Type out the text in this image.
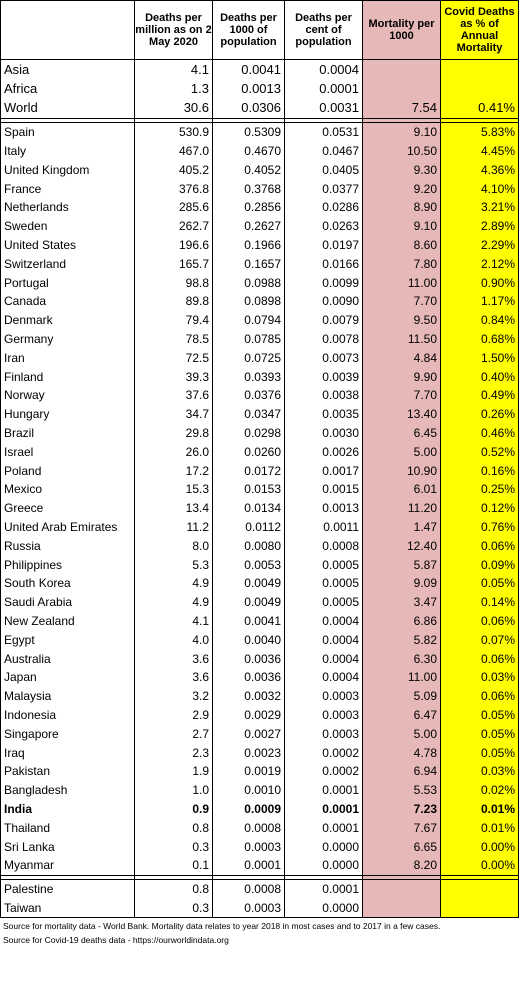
	Deaths per million as on 2 May 2020	Deaths per 1000 of population	Deaths per cent of population	Mortality per 1000	Covid Deaths as % of Annual Mortality
Asia	4.1	0.0041	0.0004		
Africa	1.3	0.0013	0.0001		
World	30.6	0.0306	0.0031	7.54	0.41%

Spain	530.9	0.5309	0.0531	9.10	5.83%
Italy	467.0	0.4670	0.0467	10.50	4.45%
United Kingdom	405.2	0.4052	0.0405	9.30	4.36%
France	376.8	0.3768	0.0377	9.20	4.10%
Netherlands	285.6	0.2856	0.0286	8.90	3.21%
Sweden	262.7	0.2627	0.0263	9.10	2.89%
United States	196.6	0.1966	0.0197	8.60	2.29%
Switzerland	165.7	0.1657	0.0166	7.80	2.12%
Portugal	98.8	0.0988	0.0099	11.00	0.90%
Canada	89.8	0.0898	0.0090	7.70	1.17%
Denmark	79.4	0.0794	0.0079	9.50	0.84%
Germany	78.5	0.0785	0.0078	11.50	0.68%
Iran	72.5	0.0725	0.0073	4.84	1.50%
Finland	39.3	0.0393	0.0039	9.90	0.40%
Norway	37.6	0.0376	0.0038	7.70	0.49%
Hungary	34.7	0.0347	0.0035	13.40	0.26%
Brazil	29.8	0.0298	0.0030	6.45	0.46%
Israel	26.0	0.0260	0.0026	5.00	0.52%
Poland	17.2	0.0172	0.0017	10.90	0.16%
Mexico	15.3	0.0153	0.0015	6.01	0.25%
Greece	13.4	0.0134	0.0013	11.20	0.12%
United Arab Emirates	11.2	0.0112	0.0011	1.47	0.76%
Russia	8.0	0.0080	0.0008	12.40	0.06%
Philippines	5.3	0.0053	0.0005	5.87	0.09%
South Korea	4.9	0.0049	0.0005	9.09	0.05%
Saudi Arabia	4.9	0.0049	0.0005	3.47	0.14%
New Zealand	4.1	0.0041	0.0004	6.86	0.06%
Egypt	4.0	0.0040	0.0004	5.82	0.07%
Australia	3.6	0.0036	0.0004	6.30	0.06%
Japan	3.6	0.0036	0.0004	11.00	0.03%
Malaysia	3.2	0.0032	0.0003	5.09	0.06%
Indonesia	2.9	0.0029	0.0003	6.47	0.05%
Singapore	2.7	0.0027	0.0003	5.00	0.05%
Iraq	2.3	0.0023	0.0002	4.78	0.05%
Pakistan	1.9	0.0019	0.0002	6.94	0.03%
Bangladesh	1.0	0.0010	0.0001	5.53	0.02%
India	0.9	0.0009	0.0001	7.23	0.01%
Thailand	0.8	0.0008	0.0001	7.67	0.01%
Sri Lanka	0.3	0.0003	0.0000	6.65	0.00%
Myanmar	0.1	0.0001	0.0000	8.20	0.00%

Palestine	0.8	0.0008	0.0001		
Taiwan	0.3	0.0003	0.0000		

Source for mortality data - World Bank. Mortality data relates to year 2018 in most cases and to 2017 in a few cases.

Source for Covid-19 deaths data - https://ourworldindata.org
